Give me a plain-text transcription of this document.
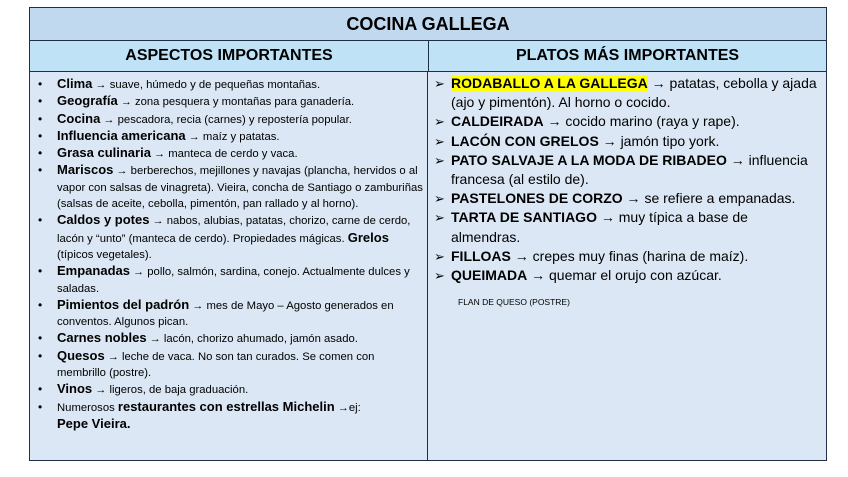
COCINA GALLEGA
ASPECTOS IMPORTANTES	PLATOS MÁS IMPORTANTES
• Clima → suave, húmedo y de pequeñas montañas.
• Geografía → zona pesquera y montañas para ganadería.
• Cocina → pescadora, recia (carnes) y repostería popular.
• Influencia americana → maíz y patatas.
• Grasa culinaria → manteca de cerdo y vaca.
• Mariscos → berberechos, mejillones y navajas (plancha, hervidos o al vapor con salsas de vinagreta). Vieira, concha de Santiago o zamburiñas (salsas de aceite, cebolla, pimentón, pan rallado y al horno).
• Caldos y potes → nabos, alubias, patatas, chorizo, carne de cerdo, lacón y “unto” (manteca de cerdo). Propiedades mágicas. Grelos (típicos vegetales).
• Empanadas → pollo, salmón, sardina, conejo. Actualmente dulces y saladas.
• Pimientos del padrón → mes de Mayo – Agosto generados en conventos. Algunos pican.
• Carnes nobles → lacón, chorizo ahumado, jamón asado.
• Quesos → leche de vaca. No son tan curados. Se comen con membrillo (postre).
• Vinos → ligeros, de baja graduación.
• Numerosos restaurantes con estrellas Michelin →ej:
Pepe Vieira.
➢ RODABALLO A LA GALLEGA → patatas, cebolla y ajada (ajo y pimentón). Al horno o cocido.
➢ CALDEIRADA → cocido marino (raya y rape).
➢ LACÓN CON GRELOS → jamón tipo york.
➢ PATO SALVAJE A LA MODA DE RIBADEO → influencia francesa (al estilo de).
➢ PASTELONES DE CORZO → se refiere a empanadas.
➢ TARTA DE SANTIAGO → muy típica a base de almendras.
➢ FILLOAS → crepes muy finas (harina de maíz).
➢ QUEIMADA → quemar el orujo con azúcar.
FLAN DE QUESO (POSTRE)
